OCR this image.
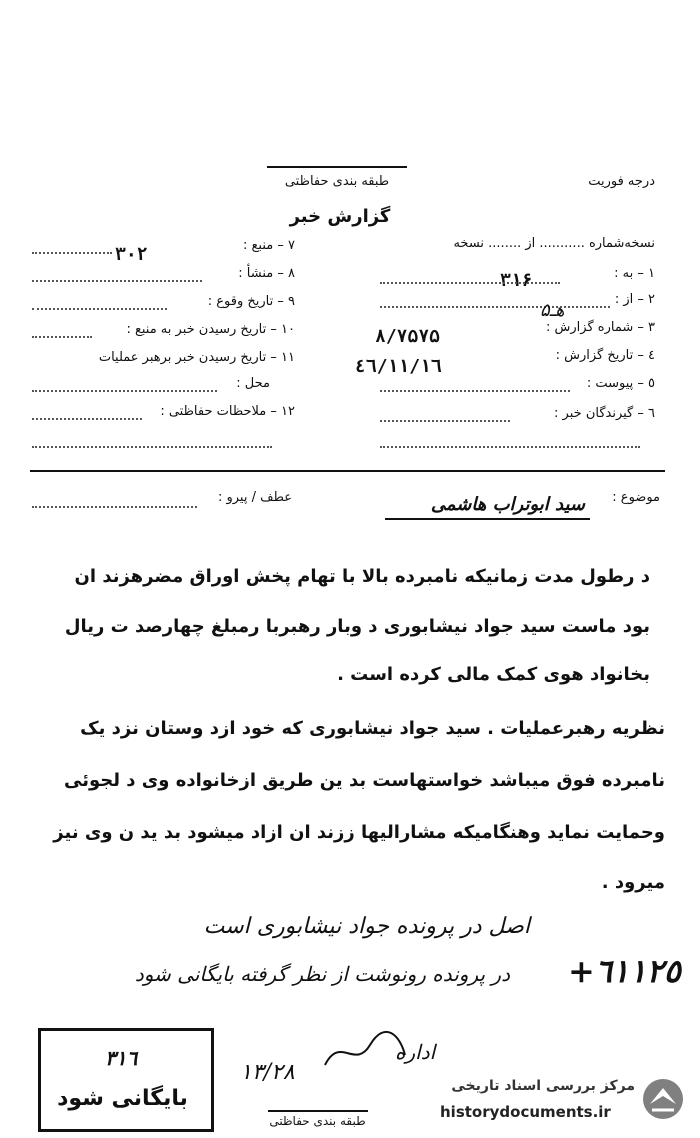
طبقه بندی حفاظتی	درجه فوریت
گزارش خبر
نسخه‌شماره ........... از ........ نسخه
۱ – به :
۳۱۶
۲ – از :
۳ – شماره گزارش :
۵هـ
۸/۷۵۷۵
٤ – تاریخ گزارش :
٤٦/۱۱/۱٦
٥ – پیوست :
٦ – گیرندگان خبر :
۷ – منبع :
۳۰۲
۸ – منشأ :
۹ – تاریخ وقوع :
۱۰ – تاریخ رسیدن خبر به منبع :
۱۱ – تاریخ رسیدن خبر برهبر عملیات
محل :
۱۲ – ملاحظات حفاظتی :
موضوع :
سید ابوتراب هاشمی
عطف / پیرو :
د رطول مدت زمانیکه نامبرده بالا با تهام پخش اوراق مضرهزند ان
بود ماست سید جواد نیشابوری د وبار رهبربا رمبلغ چهارصد ت ریال
بخانواد هوی کمک مالی کرده است .
نظریه رهبرعملیات . سید جواد نیشابوری که خود ازد وستان نزد یک
نامبرده فوق میباشد خواستهاست بد ین طریق ازخانواده وی د لجوئی
وحمایت نماید وهنگامیکه مشارالیها ززند ان ازاد میشود بد ید ن وی نیز
میرود .
اصل در پرونده جواد نیشابوری است
در پرونده رونوشت از نظر گرفته بایگانی شود +٦١١٢٥
۱۳/۲۸
اداره
۳۱٦
بایگانی شود
طبقه بندی حفاظتی
مرکز بررسی اسناد تاریخی
historydocuments.ir
